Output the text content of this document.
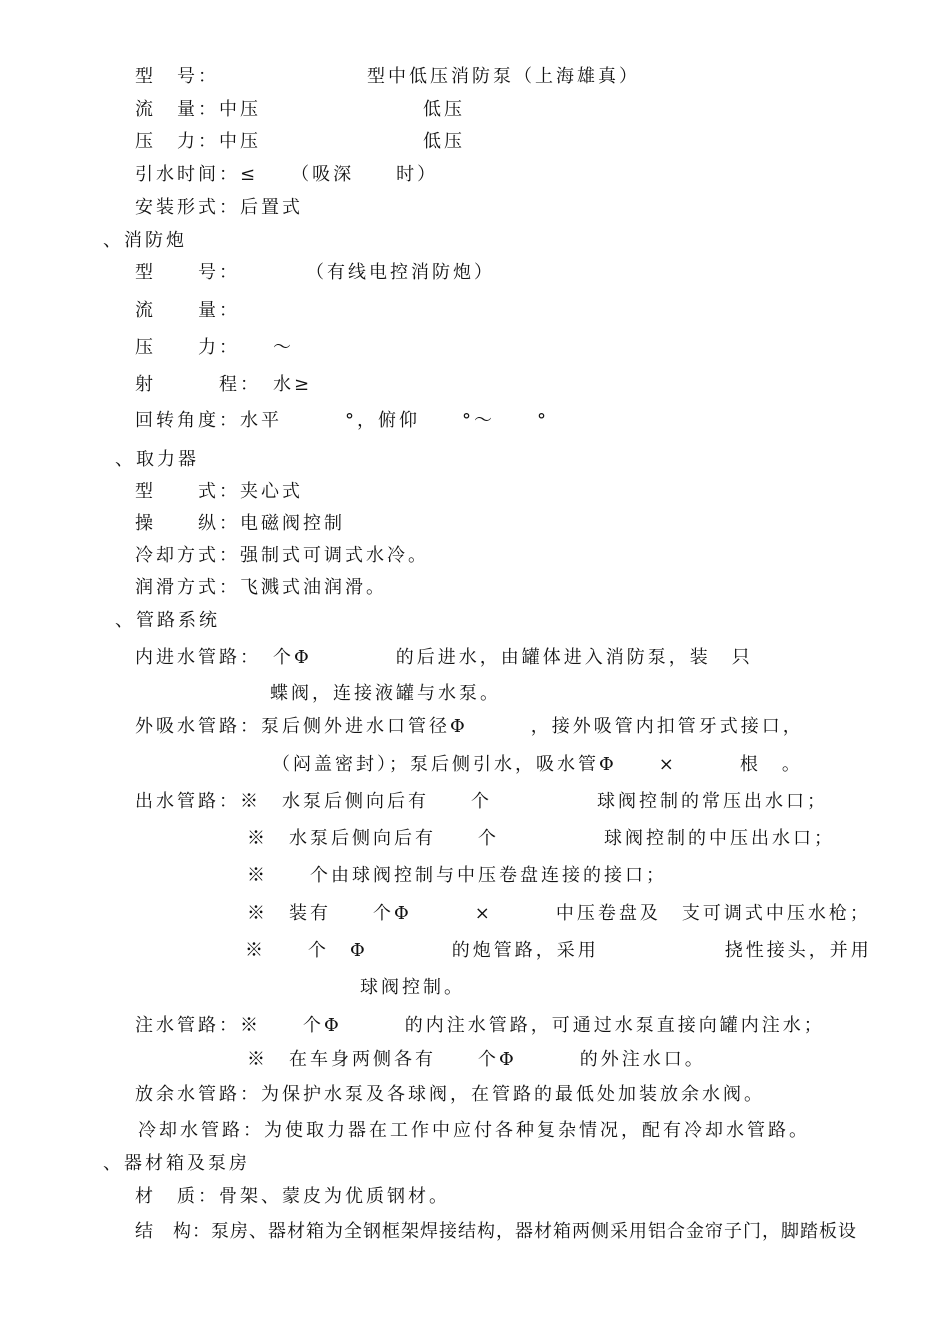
型　号：	型中低压消防泵（上海雄真）
流　量：中压	低压
压　力：中压	低压
引水时间：≤　　（吸深　　时）
安装形式：后置式
、消防炮
型　　号：　　　　（有线电控消防炮）
流　　量：
压　　力：　　～
射　　　程：　水≥
回转角度：水平　　　°，俯仰　　°～　　°
、取力器
型　　式：夹心式
操　　纵：电磁阀控制
冷却方式：强制式可调式水冷。
润滑方式：飞溅式油润滑。
、管路系统
内进水管路：　个Φ　　　　的后进水，由罐体进入消防泵，装　只
蝶阀，连接液罐与水泵。
外吸水管路：泵后侧外进水口管径Φ　　　，接外吸管内扣管牙式接口，
（闷盖密封）；泵后侧引水，吸水管Φ　　×　　　根　。
出水管路：※　水泵后侧向后有　　个　　　　　球阀控制的常压出水口；
※　水泵后侧向后有　　个　　　　　球阀控制的中压出水口；
※　　个由球阀控制与中压卷盘连接的接口；
※　装有　　个Φ　　　×　　　中压卷盘及　支可调式中压水枪；
※　　个　Φ　　　　的炮管路，采用　　　　　　挠性接头，并用
球阀控制。
注水管路：※　　个Φ　　　的内注水管路，可通过水泵直接向罐内注水；
※　在车身两侧各有　　个Φ　　　的外注水口。
放余水管路：为保护水泵及各球阀，在管路的最低处加装放余水阀。
冷却水管路：为使取力器在工作中应付各种复杂情况，配有冷却水管路。
、器材箱及泵房
材　质：骨架、蒙皮为优质钢材。
结　构：泵房、器材箱为全钢框架焊接结构，器材箱两侧采用铝合金帘子门，脚踏板设
